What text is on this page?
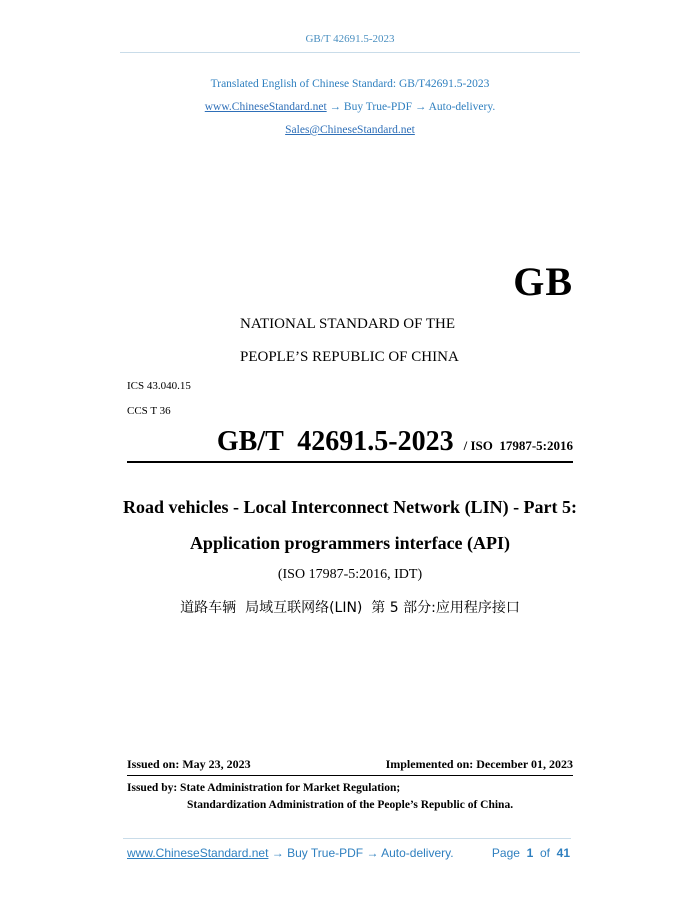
GB/T 42691.5-2023
Translated English of Chinese Standard: GB/T42691.5-2023
www.ChineseStandard.net → Buy True-PDF → Auto-delivery.
Sales@ChineseStandard.net
GB
NATIONAL STANDARD OF THE
PEOPLE’S REPUBLIC OF CHINA
ICS 43.040.15
CCS T 36
GB/T  42691.5-2023 / ISO  17987-5:2016
Road vehicles - Local Interconnect Network (LIN) - Part 5:
Application programmers interface (API)
(ISO 17987-5:2016, IDT)
道路车辆  局域互联网络(LIN)  第 5 部分:应用程序接口
Issued on: May 23, 2023	Implemented on: December 01, 2023
Issued by: State Administration for Market Regulation;
Standardization Administration of the People’s Republic of China.
www.ChineseStandard.net → Buy True-PDF → Auto-delivery.	Page 1 of 41
